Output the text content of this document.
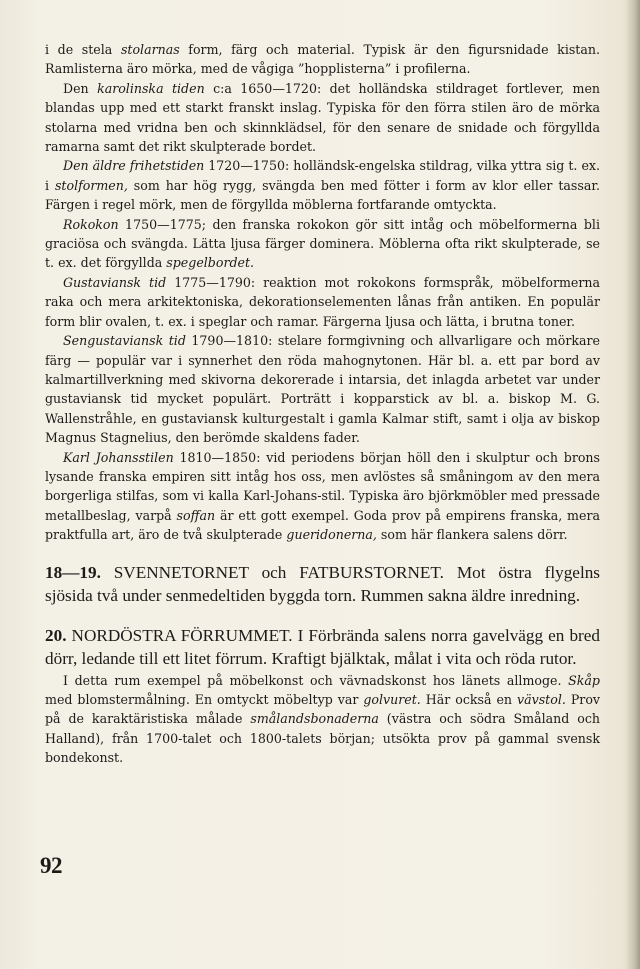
i de stela stolarnas form, färg och material. Typisk är den figursnidade kistan. Ramlisterna äro mörka, med de vågiga ”hopplisterna” i profilerna.

Den karolinska tiden c:a 1650—1720: det holländska stildraget fortlever, men blandas upp med ett starkt franskt inslag. Typiska för den förra stilen äro de mörka stolarna med vridna ben och skinnklädsel, för den senare de snidade och förgyllda ramarna samt det rikt skulpterade bordet.

Den äldre frihetstiden 1720—1750: holländsk-engelska stildrag, vilka yttra sig t. ex. i stolformen, som har hög rygg, svängda ben med fötter i form av klor eller tassar. Färgen i regel mörk, men de förgyllda möblerna fortfarande omtyckta.

Rokokon 1750—1775; den franska rokokon gör sitt intåg och möbelformerna bli graciösa och svängda. Lätta ljusa färger dominera. Möblerna ofta rikt skulpterade, se t. ex. det förgyllda spegelbordet.

Gustaviansk tid 1775—1790: reaktion mot rokokons formspråk, möbelformerna raka och mera arkitektoniska, dekorationselementen lånas från antiken. En populär form blir ovalen, t. ex. i speglar och ramar. Färgerna ljusa och lätta, i brutna toner.

Sengustaviansk tid 1790—1810: stelare formgivning och allvarligare och mörkare färg — populär var i synnerhet den röda mahognytonen. Här bl. a. ett par bord av kalmartillverkning med skivorna dekorerade i intarsia, det inlagda arbetet var under gustaviansk tid mycket populärt. Porträtt i kopparstick av bl. a. biskop M. G. Wallenstråhle, en gustaviansk kulturgestalt i gamla Kalmar stift, samt i olja av biskop Magnus Stagnelius, den berömde skaldens fader.

Karl Johansstilen 1810—1850: vid periodens början höll den i skulptur och brons lysande franska empiren sitt intåg hos oss, men avlöstes så småningom av den mera borgerliga stilfas, som vi kalla Karl-Johans-stil. Typiska äro björkmöbler med pressade metallbeslag, varpå soffan är ett gott exempel. Goda prov på empirens franska, mera praktfulla art, äro de två skulpterade gueridonerna, som här flankera salens dörr.

18—19. SVENNETORNET och FATBURSTORNET. Mot östra flygelns sjösida två under senmedeltiden byggda torn. Rummen sakna äldre inredning.

20. NORDÖSTRA FÖRRUMMET. I Förbrända salens norra gavelvägg en bred dörr, ledande till ett litet förrum. Kraftigt bjälktak, målat i vita och röda rutor.

I detta rum exempel på möbelkonst och vävnadskonst hos länets allmoge. Skåp med blomstermålning. En omtyckt möbeltyp var golvuret. Här också en vävstol. Prov på de karaktäristiska målade smålandsbonaderna (västra och södra Småland och Halland), från 1700-talet och 1800-talets början; utsökta prov på gammal svensk bondekonst.

92
